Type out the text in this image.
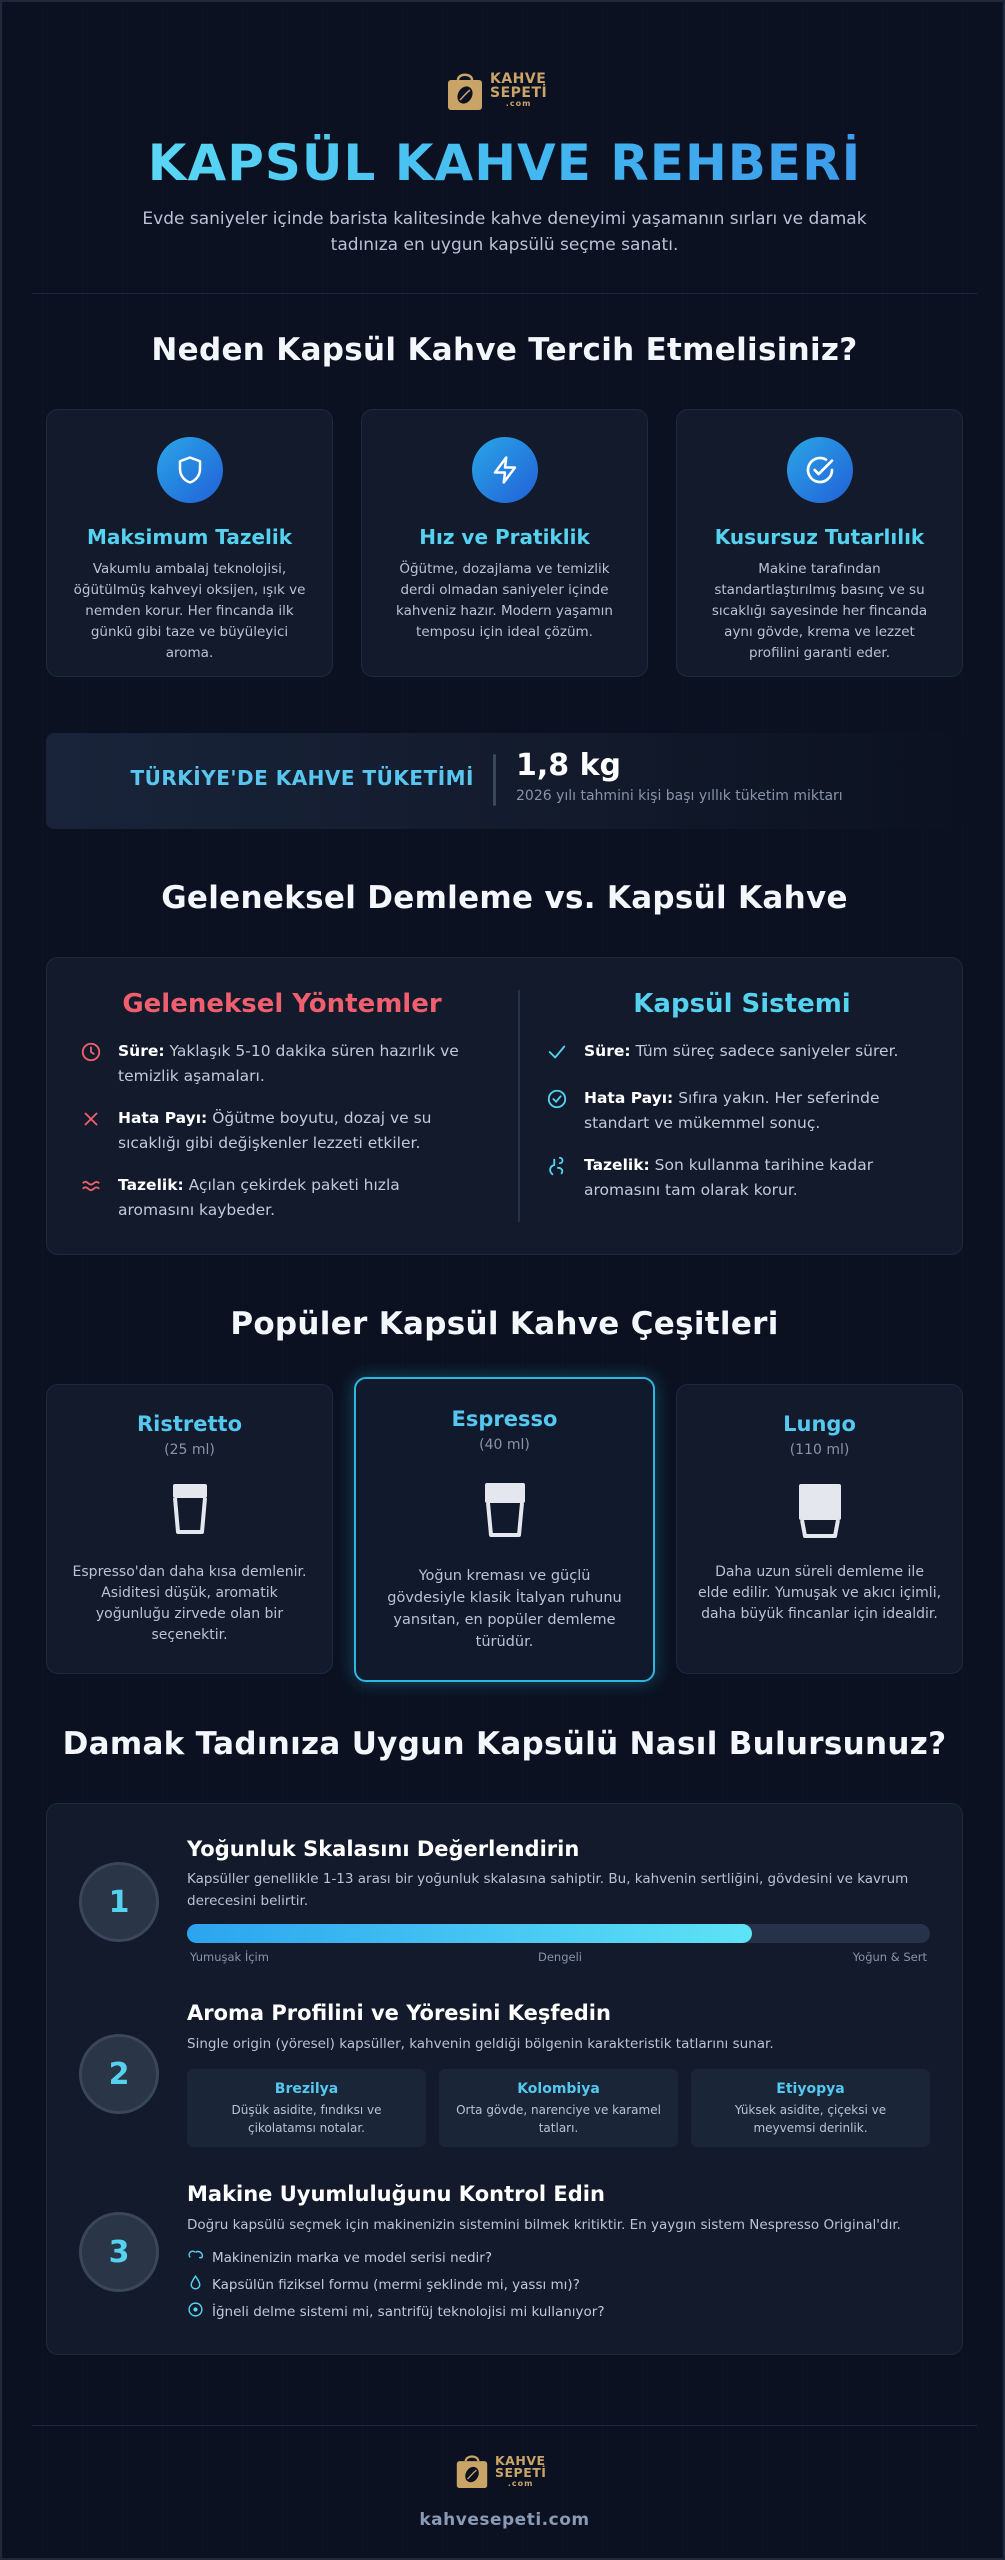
KAHVE
SEPETİ
.com
KAPSÜL KAHVE REHBERİ
Evde saniyeler içinde barista kalitesinde kahve deneyimi yaşamanın sırları ve damak
tadınıza en uygun kapsülü seçme sanatı.
Neden Kapsül Kahve Tercih Etmelisiniz?
Maksimum Tazelik
Vakumlu ambalaj teknolojisi,
öğütülmüş kahveyi oksijen, ışık ve
nemden korur. Her fincanda ilk
günkü gibi taze ve büyüleyici
aroma.
Hız ve Pratiklik
Öğütme, dozajlama ve temizlik
derdi olmadan saniyeler içinde
kahveniz hazır. Modern yaşamın
temposu için ideal çözüm.
Kusursuz Tutarlılık
Makine tarafından
standartlaştırılmış basınç ve su
sıcaklığı sayesinde her fincanda
aynı gövde, krema ve lezzet
profilini garanti eder.
TÜRKİYE'DE KAHVE TÜKETİMİ 1,8 kg
2026 yılı tahmini kişi başı yıllık tüketim miktarı
Geleneksel Demleme vs. Kapsül Kahve
Geleneksel Yöntemler	Kapsül Sistemi
Süre: Yaklaşık 5-10 dakika süren hazırlık ve
temizlik aşamaları.
Hata Payı: Öğütme boyutu, dozaj ve su
sıcaklığı gibi değişkenler lezzeti etkiler.
Tazelik: Açılan çekirdek paketi hızla
aromasını kaybeder.
Süre: Tüm süreç sadece saniyeler sürer.
Hata Payı: Sıfıra yakın. Her seferinde
standart ve mükemmel sonuç.
Tazelik: Son kullanma tarihine kadar
aromasını tam olarak korur.
Popüler Kapsül Kahve Çeşitleri
Ristretto
(25 ml)
Espresso'dan daha kısa demlenir.
Asiditesi düşük, aromatik
yoğunluğu zirvede olan bir
seçenektir.
Espresso
(40 ml)
Yoğun kreması ve güçlü
gövdesiyle klasik İtalyan ruhunu
yansıtan, en popüler demleme
türüdür.
Lungo
(110 ml)
Daha uzun süreli demleme ile
elde edilir. Yumuşak ve akıcı içimli,
daha büyük fincanlar için idealdir.
Damak Tadınıza Uygun Kapsülü Nasıl Bulursunuz?
1
Yoğunluk Skalasını Değerlendirin
Kapsüller genellikle 1-13 arası bir yoğunluk skalasına sahiptir. Bu, kahvenin sertliğini, gövdesini ve kavrum
derecesini belirtir.
Yumuşak İçim	Dengeli	Yoğun & Sert
2
Aroma Profilini ve Yöresini Keşfedin
Single origin (yöresel) kapsüller, kahvenin geldiği bölgenin karakteristik tatlarını sunar.
Brezilya
Düşük asidite, fındıksı ve
çikolatamsı notalar.
Kolombiya
Orta gövde, narenciye ve karamel
tatları.
Etiyopya
Yüksek asidite, çiçeksi ve
meyvemsi derinlik.
3
Makine Uyumluluğunu Kontrol Edin
Doğru kapsülü seçmek için makinenizin sistemini bilmek kritiktir. En yaygın sistem Nespresso Original'dır.
Makinenizin marka ve model serisi nedir?
Kapsülün fiziksel formu (mermi şeklinde mi, yassı mı)?
İğneli delme sistemi mi, santrifüj teknolojisi mi kullanıyor?
KAHVE
SEPETİ
.com
kahvesepeti.com
